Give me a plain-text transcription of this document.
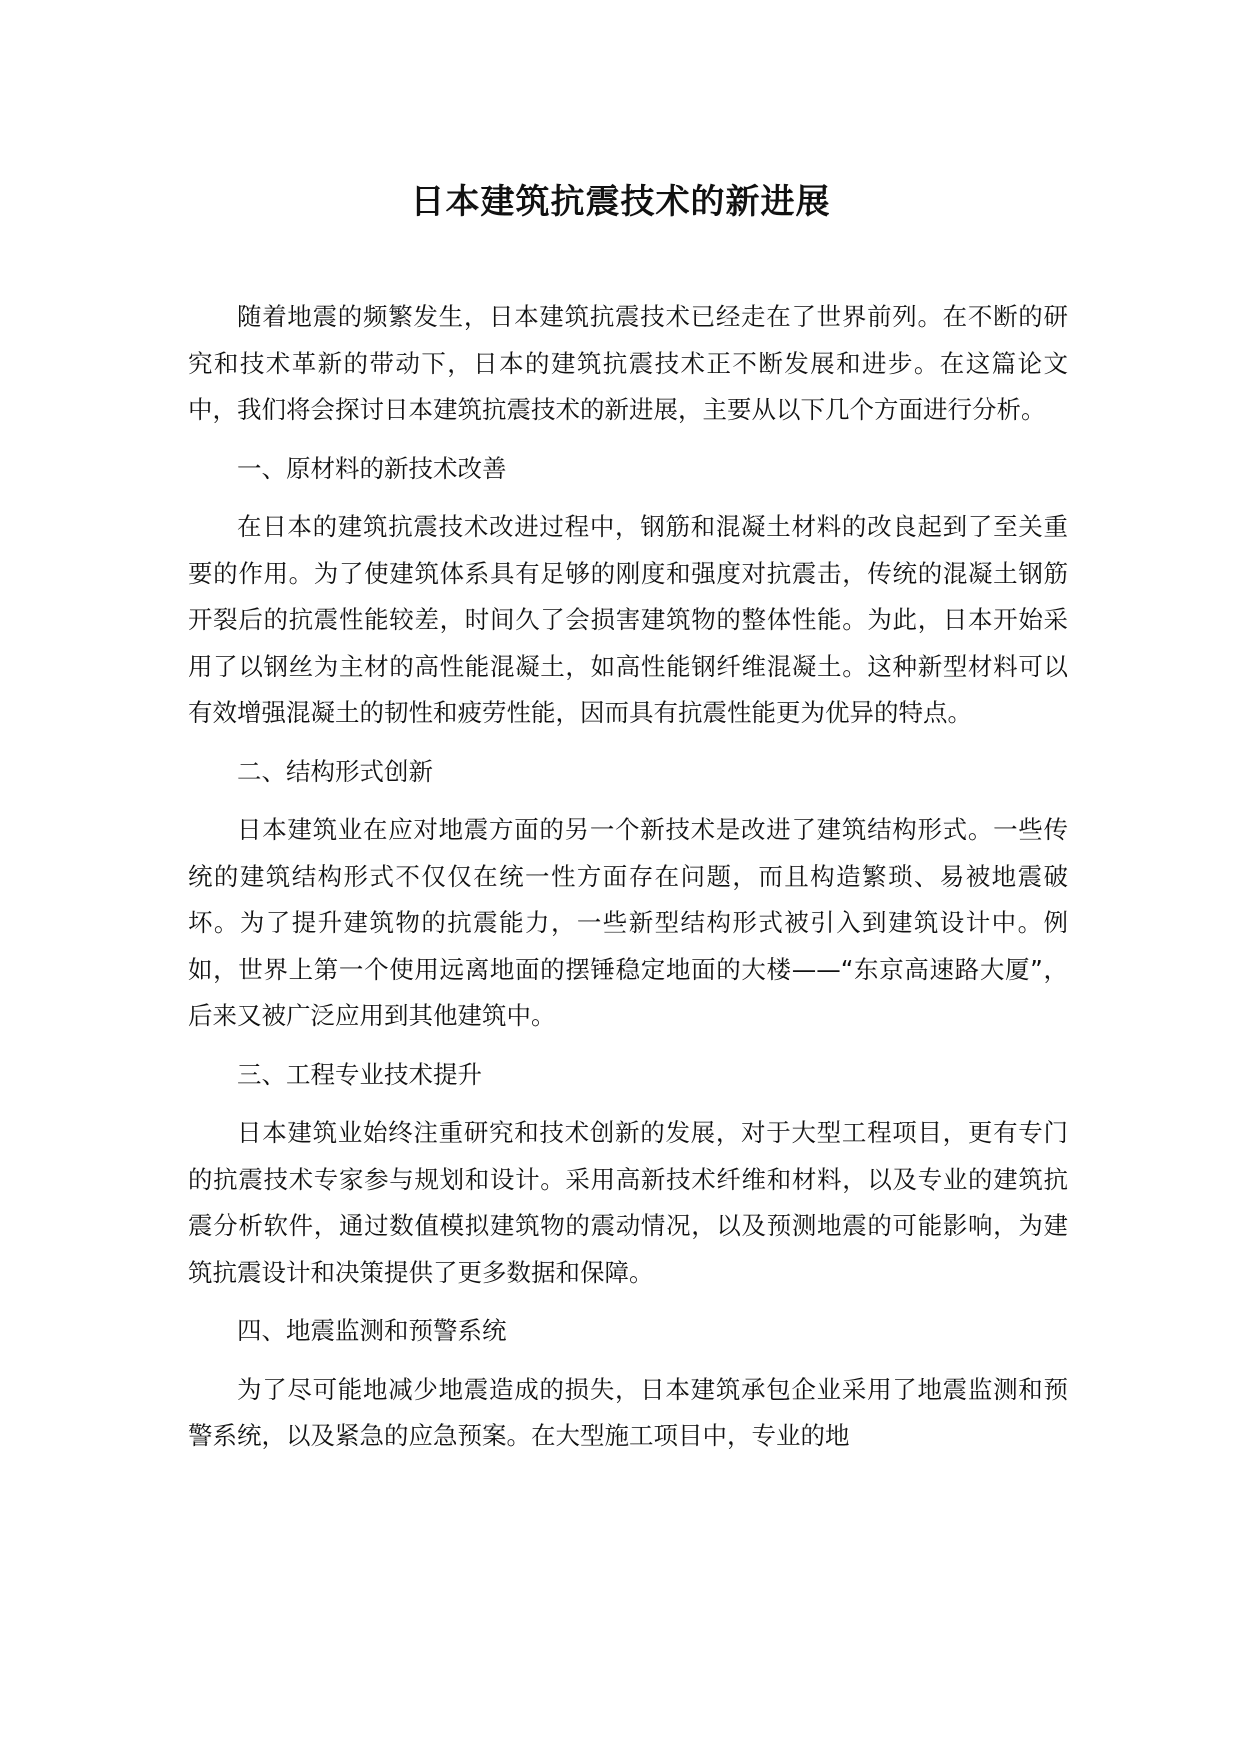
日本建筑抗震技术的新进展

随着地震的频繁发生，日本建筑抗震技术已经走在了世界前列。在不断的研究和技术革新的带动下，日本的建筑抗震技术正不断发展和进步。在这篇论文中，我们将会探讨日本建筑抗震技术的新进展，主要从以下几个方面进行分析。

一、原材料的新技术改善

在日本的建筑抗震技术改进过程中，钢筋和混凝土材料的改良起到了至关重要的作用。为了使建筑体系具有足够的刚度和强度对抗震击，传统的混凝土钢筋开裂后的抗震性能较差，时间久了会损害建筑物的整体性能。为此，日本开始采用了以钢丝为主材的高性能混凝土，如高性能钢纤维混凝土。这种新型材料可以有效增强混凝土的韧性和疲劳性能，因而具有抗震性能更为优异的特点。

二、结构形式创新

日本建筑业在应对地震方面的另一个新技术是改进了建筑结构形式。一些传统的建筑结构形式不仅仅在统一性方面存在问题，而且构造繁琐、易被地震破坏。为了提升建筑物的抗震能力，一些新型结构形式被引入到建筑设计中。例如，世界上第一个使用远离地面的摆锤稳定地面的大楼——“东京高速路大厦”，后来又被广泛应用到其他建筑中。

三、工程专业技术提升

日本建筑业始终注重研究和技术创新的发展，对于大型工程项目，更有专门的抗震技术专家参与规划和设计。采用高新技术纤维和材料，以及专业的建筑抗震分析软件，通过数值模拟建筑物的震动情况，以及预测地震的可能影响，为建筑抗震设计和决策提供了更多数据和保障。

四、地震监测和预警系统

为了尽可能地减少地震造成的损失，日本建筑承包企业采用了地震监测和预警系统，以及紧急的应急预案。在大型施工项目中，专业的地
